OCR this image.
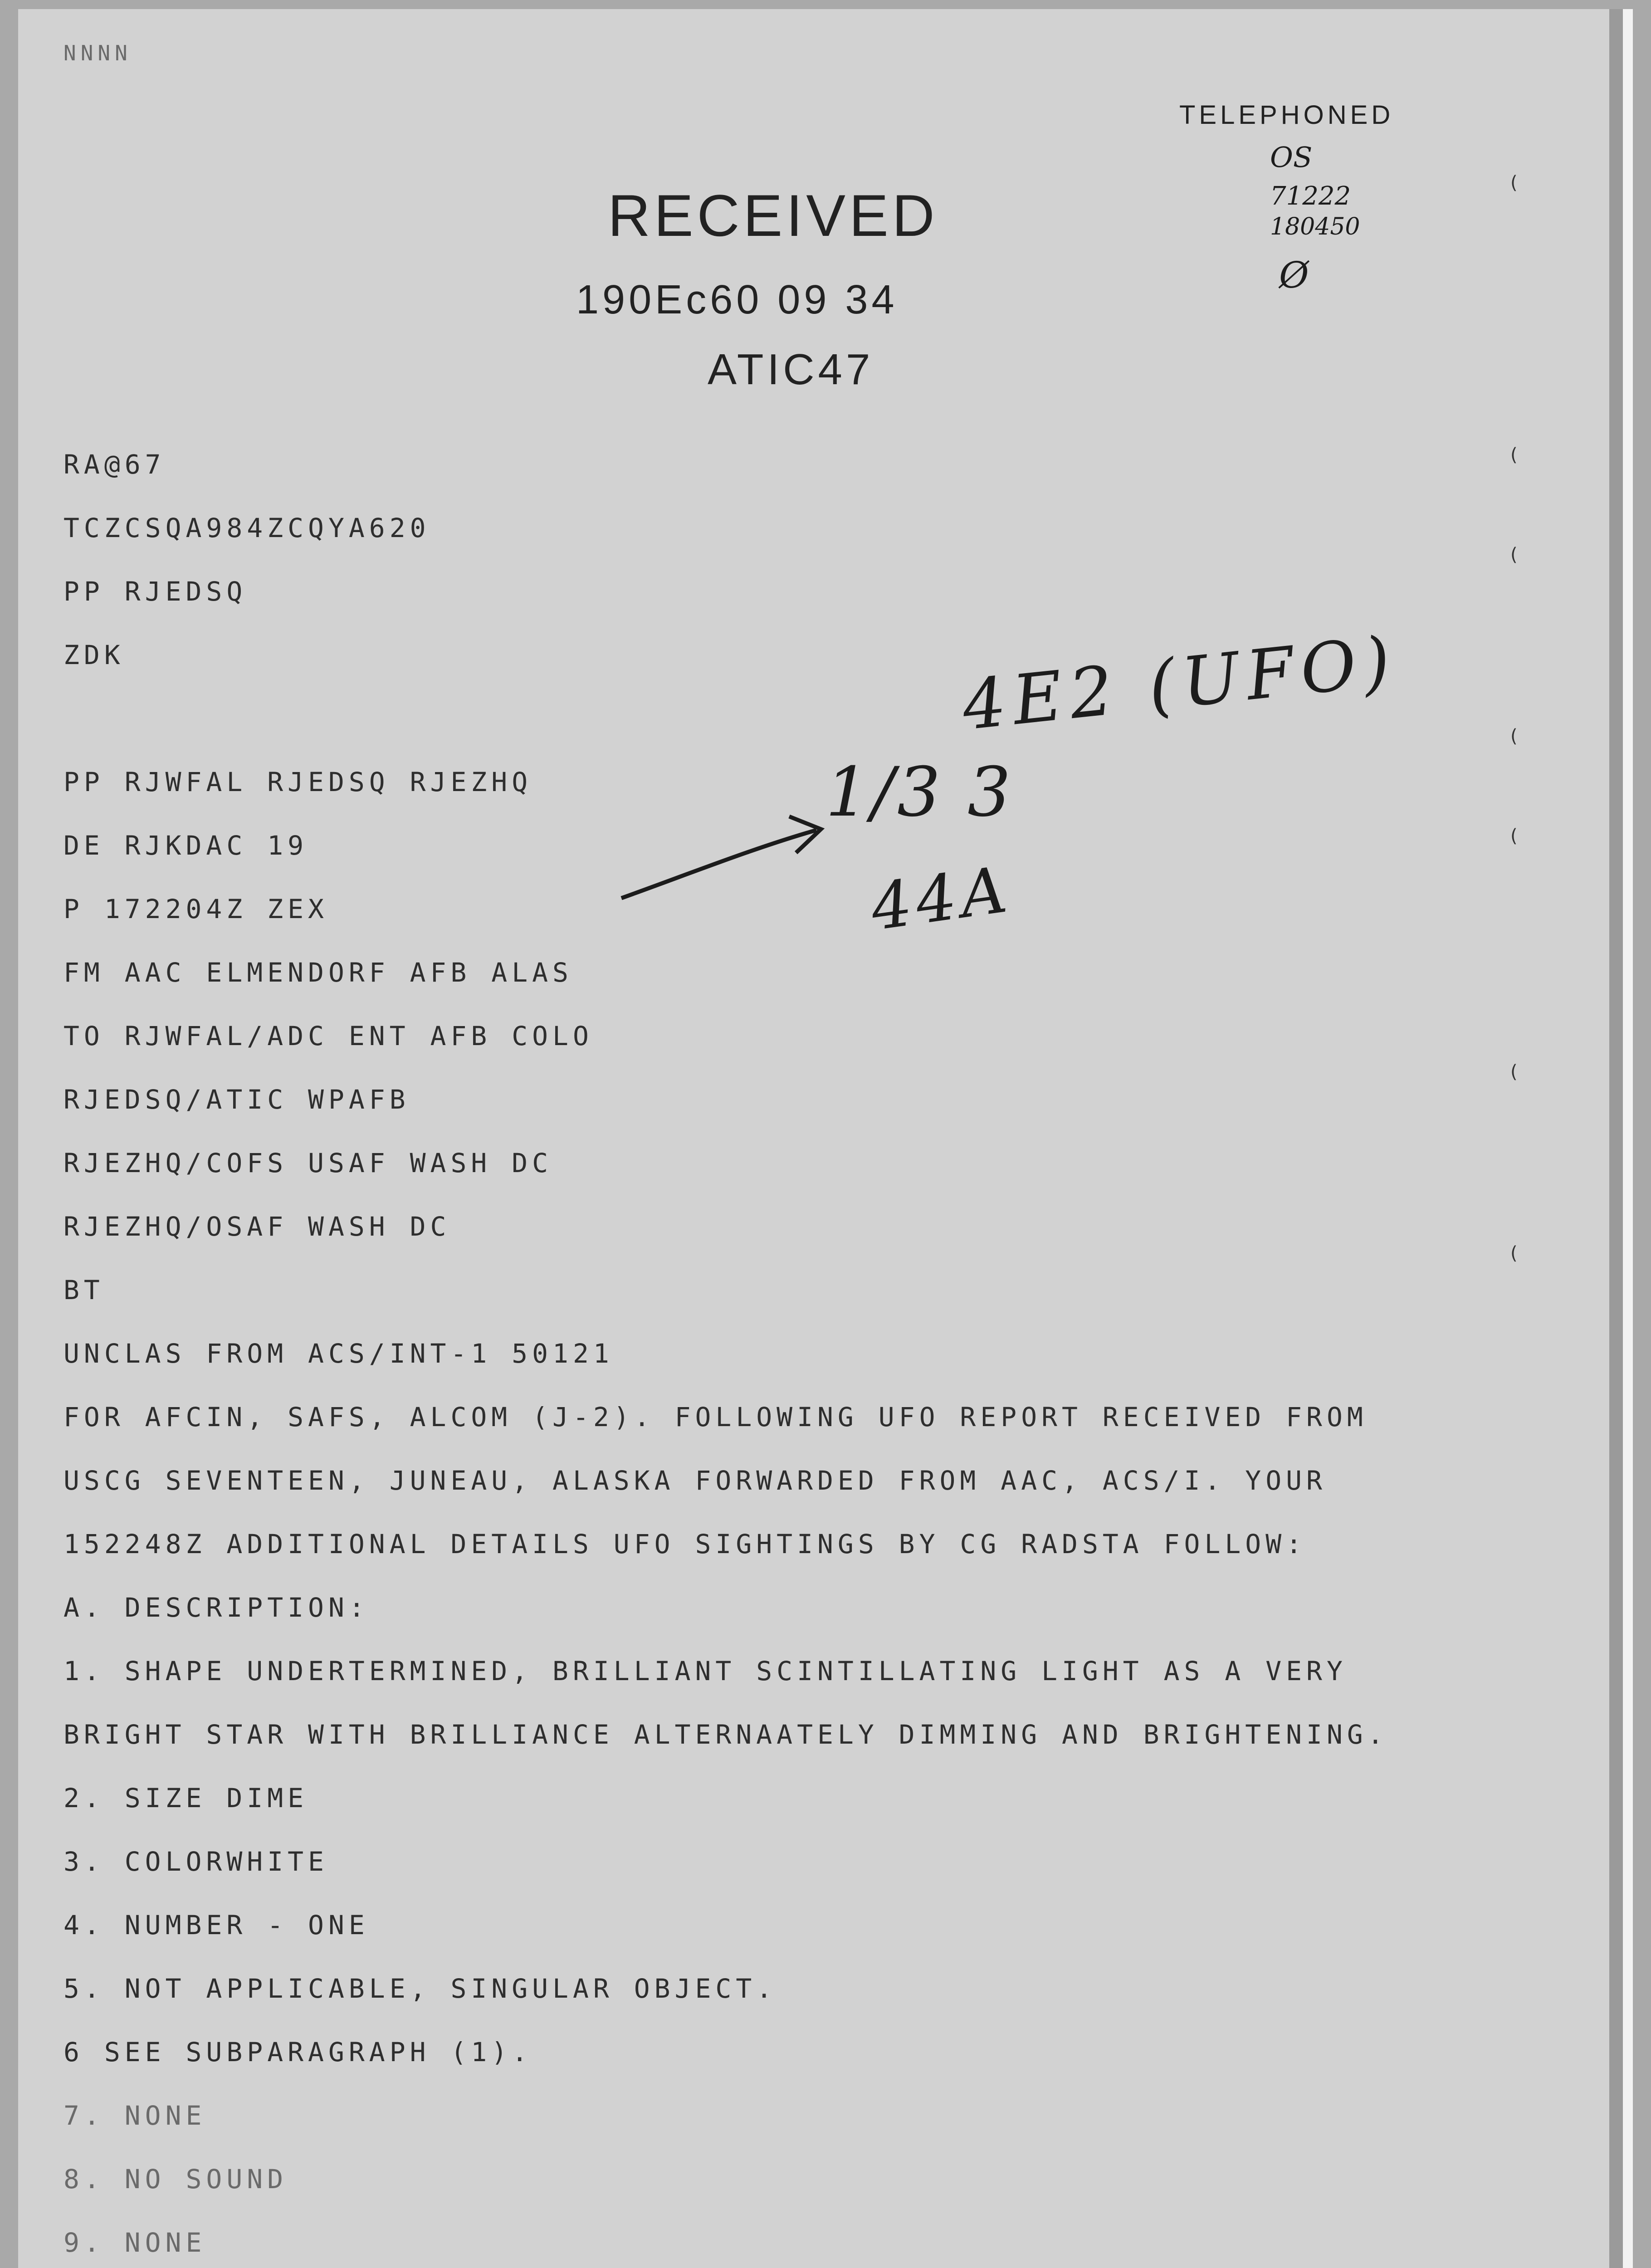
NNNN
TELEPHONED
OS
71222
180450
Ø
RECEIVED
190Ec60 09 34
ATIC47
RA@67
TCZCSQA984ZCQYA620
PP RJEDSQ
ZDK
PP RJWFAL RJEDSQ RJEZHQ
DE RJKDAC 19
P 172204Z ZEX
FM AAC ELMENDORF AFB ALAS
TO RJWFAL/ADC ENT AFB COLO
RJEDSQ/ATIC WPAFB
RJEZHQ/COFS USAF WASH DC
RJEZHQ/OSAF WASH DC
BT
1/3 3
4E2 (UFO)
44A
UNCLAS FROM ACS/INT-1 50121
FOR AFCIN, SAFS, ALCOM (J-2). FOLLOWING UFO REPORT RECEIVED FROM
USCG SEVENTEEN, JUNEAU, ALASKA FORWARDED FROM AAC, ACS/I. YOUR
152248Z ADDITIONAL DETAILS UFO SIGHTINGS BY CG RADSTA FOLLOW:
A. DESCRIPTION:
1. SHAPE UNDERTERMINED, BRILLIANT SCINTILLATING LIGHT AS A VERY
BRIGHT STAR WITH BRILLIANCE ALTERNAATELY DIMMING AND BRIGHTENING.
2. SIZE DIME
3. COLORWHITE
4. NUMBER - ONE
5. NOT APPLICABLE, SINGULAR OBJECT.
6 SEE SUBPARAGRAPH (1).
7. NONE
8. NO SOUND
9. NONE
(
(
(
(
(
(
(
